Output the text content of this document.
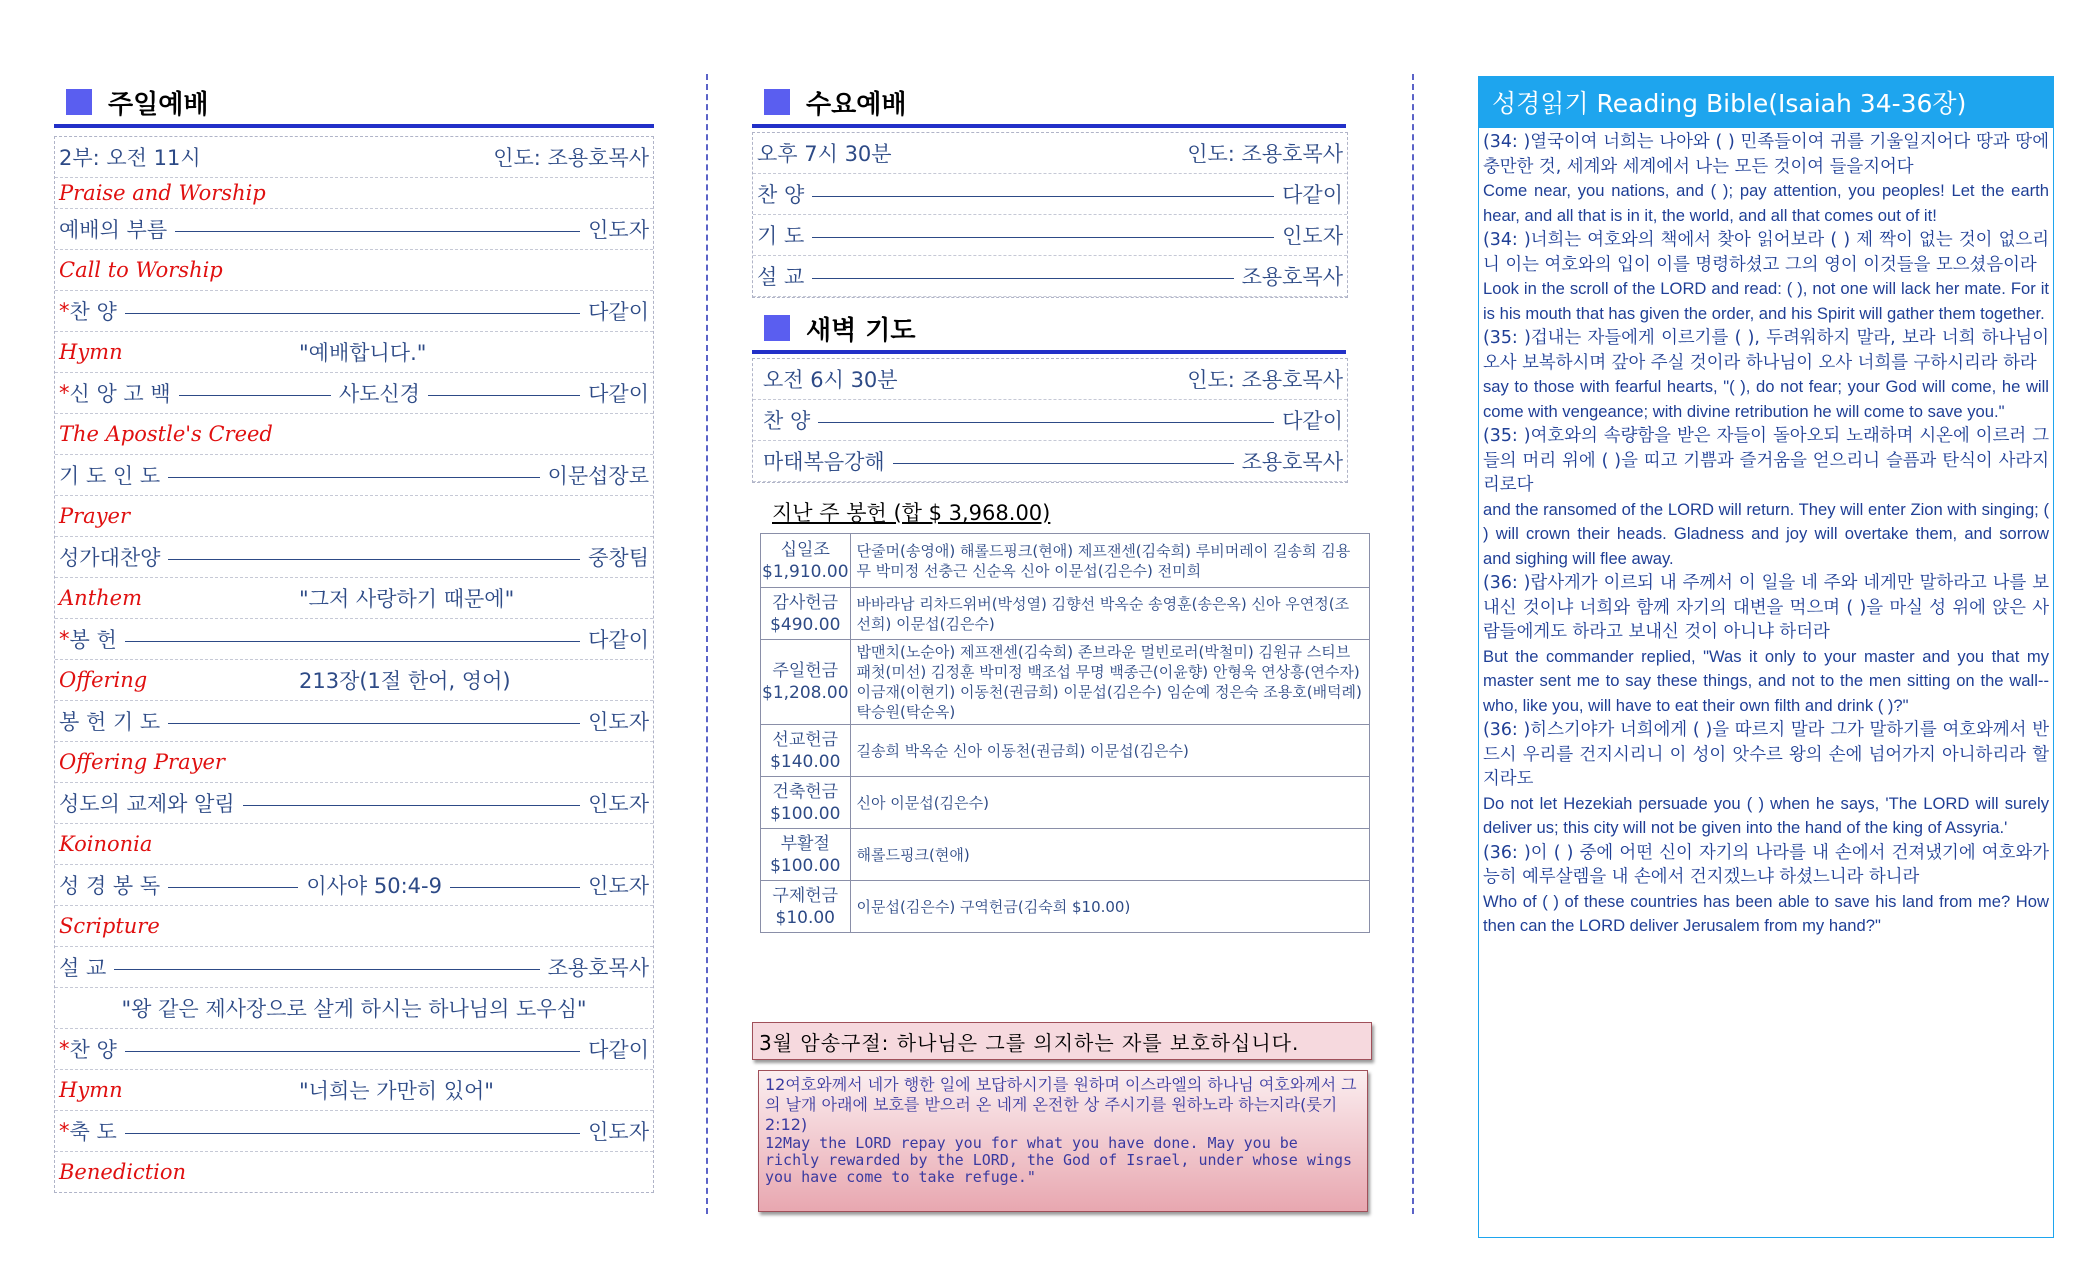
주일예배
2부: 오전 11시	인도: 조용호목사
Praise and Worship
예배의 부름	인도자
Call to Worship
* 찬 양	다같이
Hymn	"예배합니다."
* 신 앙 고 백	사도신경	다같이
The Apostle's Creed
기 도 인 도	이문섭장로
Prayer
성가대찬양	중창팀
Anthem	"그저 사랑하기 때문에"
* 봉 헌	다같이
Offering	213장(1절 한어, 영어)
봉 헌 기 도	인도자
Offering Prayer
성도의 교제와 알림	인도자
Koinonia
성 경 봉 독	이사야 50:4-9	인도자
Scripture
설 교	조용호목사
"왕 같은 제사장으로 살게 하시는 하나님의 도우심"
* 찬 양	다같이
Hymn	"너희는 가만히 있어"
* 축 도	인도자
Benediction
수요예배
오후 7시 30분	인도: 조용호목사
찬 양	다같이
기 도	인도자
설 교	조용호목사
새벽 기도
오전 6시 30분	인도: 조용호목사
찬 양	다같이
마태복음강해	조용호목사
지난 주 봉헌 (합 $ 3,968.00)
십일조
$1,910.00	단줄머(송영애) 해롤드핑크(현애) 제프잰센(김숙희) 루비머레이 길송희 김용무 박미정 선충근 신순옥 신아 이문섭(김은수) 전미희

감사헌금
$490.00	바바라남 리차드위버(박성열) 김향선 박옥순 송영훈(송은옥) 신아 우연정(조선희) 이문섭(김은수)

주일헌금
$1,208.00	밥맨치(노순아) 제프잰센(김숙희) 존브라운 멀빈로러(박철미) 김원규 스티브패첫(미선) 김정훈 박미정 백조섭 무명 백종근(이윤향) 안형욱 연상흥(연수자) 이금재(이현기) 이동천(권금희) 이문섭(김은수) 임순예 정은숙 조용호(배덕례) 탁승원(탁순옥)

선교헌금
$140.00	길송희 박옥순 신아 이동천(권금희) 이문섭(김은수)

건축헌금
$100.00	신아 이문섭(김은수)

부활절
$100.00	해롤드핑크(현애)

구제헌금
$10.00	이문섭(김은수) 구역헌금(김숙희 $10.00)
3월 암송구절: 하나님은 그를 의지하는 자를 보호하십니다.
12여호와께서 네가 행한 일에 보답하시기를 원하며 이스라엘의 하나님 여호와께서 그의 날개 아래에 보호를 받으러 온 네게 온전한 상 주시기를 원하노라 하는지라(룻기 2:12)
12May the LORD repay you for what you have done. May you be richly rewarded by the LORD, the God of Israel, under whose wings you have come to take refuge."
성경읽기 Reading Bible(Isaiah 34-36장)

(34: )열국이여 너희는 나아와 ( ) 민족들이여 귀를 기울일지어다 땅과 땅에 충만한 것, 세계와 세계에서 나는 모든 것이여 들을지어다

Come near, you nations, and ( ); pay attention, you peoples! Let the earth hear, and all that is in it, the world, and all that comes out of it!

(34: )너희는 여호와의 책에서 찾아 읽어보라 ( ) 제 짝이 없는 것이 없으리니 이는 여호와의 입이 이를 명령하셨고 그의 영이 이것들을 모으셨음이라

Look in the scroll of the LORD and read: ( ), not one will lack her mate. For it is his mouth that has given the order, and his Spirit will gather them together.

(35: )겁내는 자들에게 이르기를 ( ), 두려워하지 말라, 보라 너희 하나님이 오사 보복하시며 갚아 주실 것이라 하나님이 오사 너희를 구하시리라 하라

say to those with fearful hearts, "( ), do not fear; your God will come, he will come with vengeance; with divine retribution he will come to save you."

(35: )여호와의 속량함을 받은 자들이 돌아오되 노래하며 시온에 이르러 그들의 머리 위에 ( )을 띠고 기쁨과 즐거움을 얻으리니 슬픔과 탄식이 사라지리로다

and the ransomed of the LORD will return. They will enter Zion with singing; ( ) will crown their heads. Gladness and joy will overtake them, and sorrow and sighing will flee away.

(36: )랍사게가 이르되 내 주께서 이 일을 네 주와 네게만 말하라고 나를 보내신 것이냐 너희와 함께 자기의 대변을 먹으며 ( )을 마실 성 위에 앉은 사람들에게도 하라고 보내신 것이 아니냐 하더라

But the commander replied, "Was it only to your master and you that my master sent me to say these things, and not to the men sitting on the wall--who, like you, will have to eat their own filth and drink ( )?"

(36: )히스기야가 너희에게 ( )을 따르지 말라 그가 말하기를 여호와께서 반드시 우리를 건지시리니 이 성이 앗수르 왕의 손에 넘어가지 아니하리라 할지라도

Do not let Hezekiah persuade you ( ) when he says, 'The LORD will surely deliver us; this city will not be given into the hand of the king of Assyria.'

(36: )이 ( ) 중에 어떤 신이 자기의 나라를 내 손에서 건져냈기에 여호와가 능히 예루살렘을 내 손에서 건지겠느냐 하셨느니라 하니라

Who of ( ) of these countries has been able to save his land from me? How then can the LORD deliver Jerusalem from my hand?"
